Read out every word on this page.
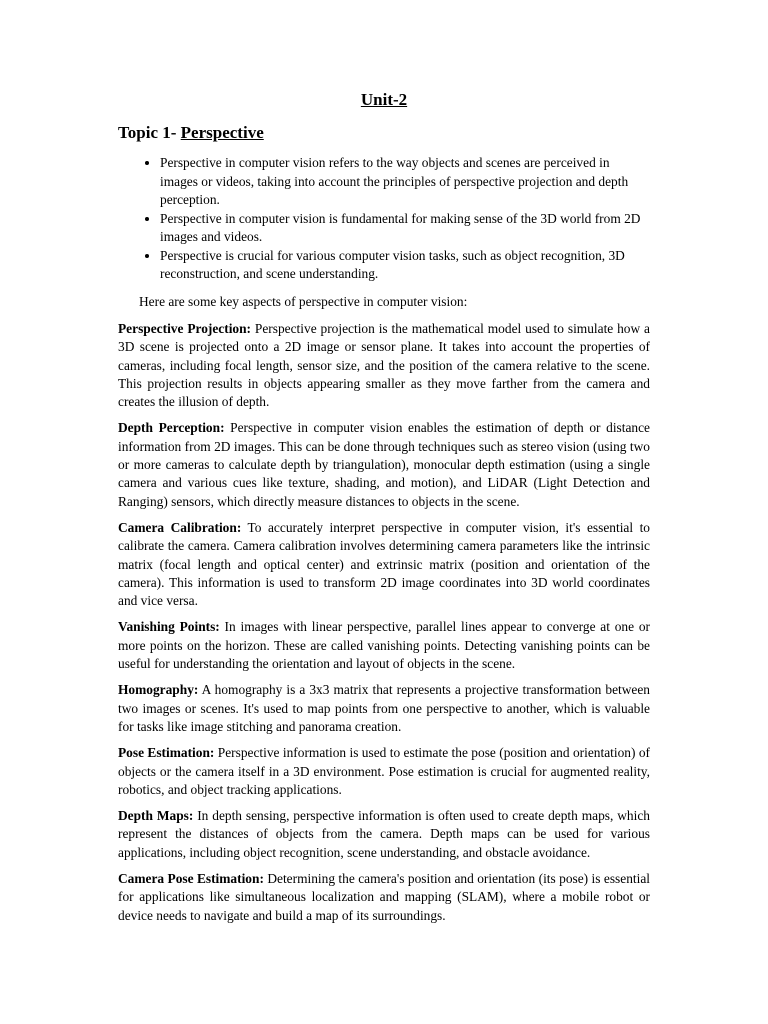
Unit-2
Topic 1- Perspective
• Perspective in computer vision refers to the way objects and scenes are perceived in images or videos, taking into account the principles of perspective projection and depth perception.
• Perspective in computer vision is fundamental for making sense of the 3D world from 2D images and videos.
• Perspective is crucial for various computer vision tasks, such as object recognition, 3D reconstruction, and scene understanding.
Here are some key aspects of perspective in computer vision:
Perspective Projection: Perspective projection is the mathematical model used to simulate how a 3D scene is projected onto a 2D image or sensor plane. It takes into account the properties of cameras, including focal length, sensor size, and the position of the camera relative to the scene. This projection results in objects appearing smaller as they move farther from the camera and creates the illusion of depth.
Depth Perception: Perspective in computer vision enables the estimation of depth or distance information from 2D images. This can be done through techniques such as stereo vision (using two or more cameras to calculate depth by triangulation), monocular depth estimation (using a single camera and various cues like texture, shading, and motion), and LiDAR (Light Detection and Ranging) sensors, which directly measure distances to objects in the scene.
Camera Calibration: To accurately interpret perspective in computer vision, it's essential to calibrate the camera. Camera calibration involves determining camera parameters like the intrinsic matrix (focal length and optical center) and extrinsic matrix (position and orientation of the camera). This information is used to transform 2D image coordinates into 3D world coordinates and vice versa.
Vanishing Points: In images with linear perspective, parallel lines appear to converge at one or more points on the horizon. These are called vanishing points. Detecting vanishing points can be useful for understanding the orientation and layout of objects in the scene.
Homography: A homography is a 3x3 matrix that represents a projective transformation between two images or scenes. It's used to map points from one perspective to another, which is valuable for tasks like image stitching and panorama creation.
Pose Estimation: Perspective information is used to estimate the pose (position and orientation) of objects or the camera itself in a 3D environment. Pose estimation is crucial for augmented reality, robotics, and object tracking applications.
Depth Maps: In depth sensing, perspective information is often used to create depth maps, which represent the distances of objects from the camera. Depth maps can be used for various applications, including object recognition, scene understanding, and obstacle avoidance.
Camera Pose Estimation: Determining the camera's position and orientation (its pose) is essential for applications like simultaneous localization and mapping (SLAM), where a mobile robot or device needs to navigate and build a map of its surroundings.
